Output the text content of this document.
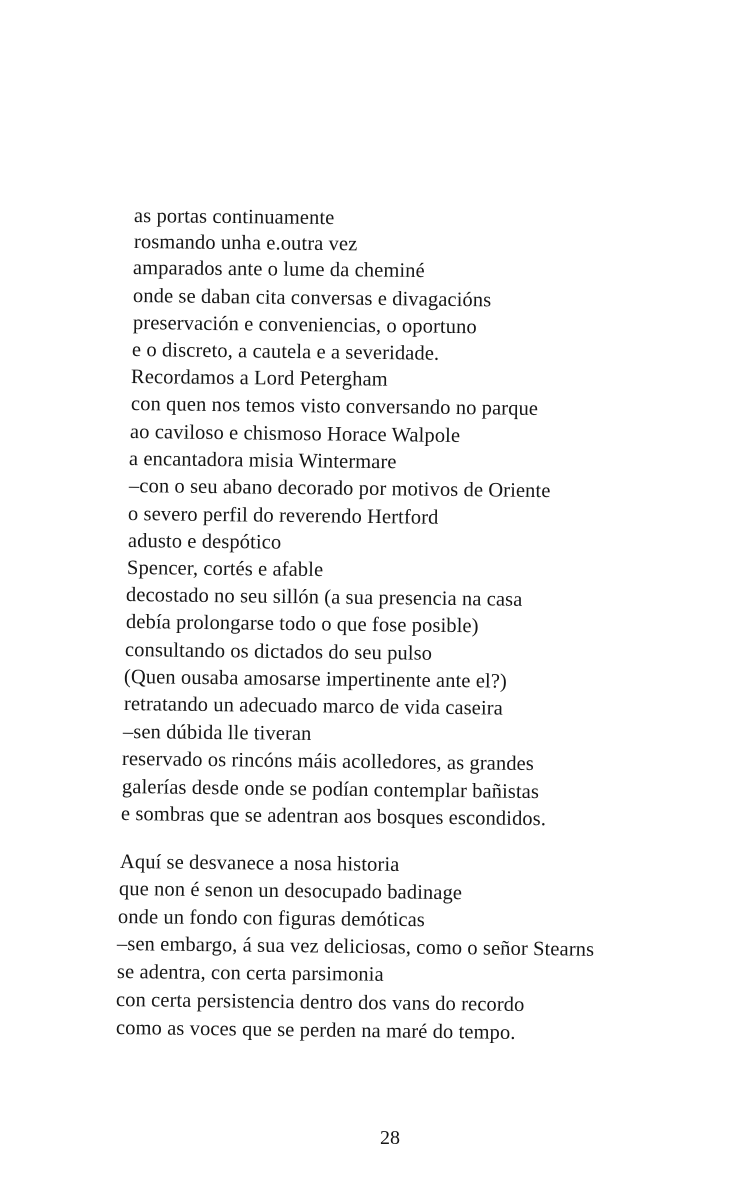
as portas continuamente
rosmando unha e.outra vez
amparados ante o lume da cheminé
onde se daban cita conversas e divagacións
preservación e conveniencias, o oportuno
e o discreto, a cautela e a severidade.
Recordamos a Lord Petergham
con quen nos temos visto conversando no parque
ao caviloso e chismoso Horace Walpole
a encantadora misia Wintermare
–con o seu abano decorado por motivos de Oriente
o severo perfil do reverendo Hertford
adusto e despótico
Spencer, cortés e afable
decostado no seu sillón (a sua presencia na casa
debía prolongarse todo o que fose posible)
consultando os dictados do seu pulso
(Quen ousaba amosarse impertinente ante el?)
retratando un adecuado marco de vida caseira
–sen dúbida lle tiveran
reservado os rincóns máis acolledores, as grandes
galerías desde onde se podían contemplar bañistas
e sombras que se adentran aos bosques escondidos.
Aquí se desvanece a nosa historia
que non é senon un desocupado badinage
onde un fondo con figuras demóticas
–sen embargo, á sua vez deliciosas, como o señor Stearns
se adentra, con certa parsimonia
con certa persistencia dentro dos vans do recordo
como as voces que se perden na maré do tempo.
28
